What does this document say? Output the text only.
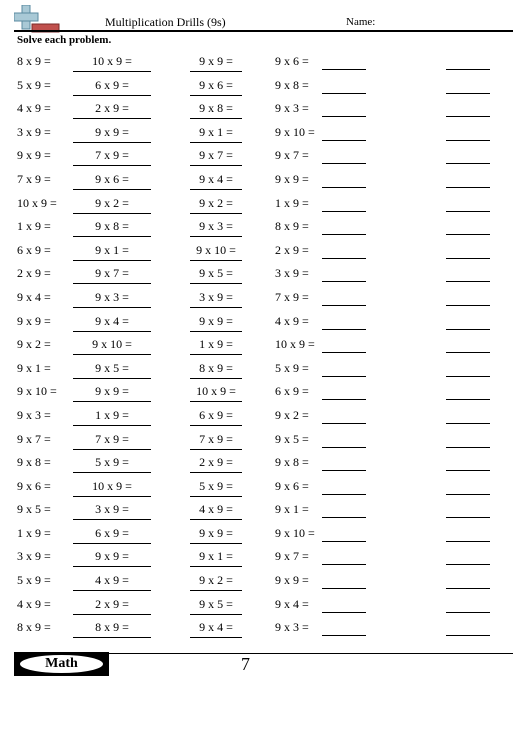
Multiplication Drills (9s)	Name:
Solve each problem.
8 x 9 =	10 x 9 =	9 x 9 =	9 x 6 =
5 x 9 =	6 x 9 =	9 x 6 =	9 x 8 =
4 x 9 =	2 x 9 =	9 x 8 =	9 x 3 =
3 x 9 =	9 x 9 =	9 x 1 =	9 x 10 =
9 x 9 =	7 x 9 =	9 x 7 =	9 x 7 =
7 x 9 =	9 x 6 =	9 x 4 =	9 x 9 =
10 x 9 =	9 x 2 =	9 x 2 =	1 x 9 =
1 x 9 =	9 x 8 =	9 x 3 =	8 x 9 =
6 x 9 =	9 x 1 =	9 x 10 =	2 x 9 =
2 x 9 =	9 x 7 =	9 x 5 =	3 x 9 =
9 x 4 =	9 x 3 =	3 x 9 =	7 x 9 =
9 x 9 =	9 x 4 =	9 x 9 =	4 x 9 =
9 x 2 =	9 x 10 =	1 x 9 =	10 x 9 =
9 x 1 =	9 x 5 =	8 x 9 =	5 x 9 =
9 x 10 =	9 x 9 =	10 x 9 =	6 x 9 =
9 x 3 =	1 x 9 =	6 x 9 =	9 x 2 =
9 x 7 =	7 x 9 =	7 x 9 =	9 x 5 =
9 x 8 =	5 x 9 =	2 x 9 =	9 x 8 =
9 x 6 =	10 x 9 =	5 x 9 =	9 x 6 =
9 x 5 =	3 x 9 =	4 x 9 =	9 x 1 =
1 x 9 =	6 x 9 =	9 x 9 =	9 x 10 =
3 x 9 =	9 x 9 =	9 x 1 =	9 x 7 =
5 x 9 =	4 x 9 =	9 x 2 =	9 x 9 =
4 x 9 =	2 x 9 =	9 x 5 =	9 x 4 =
8 x 9 =	8 x 9 =	9 x 4 =	9 x 3 =
Math	7
